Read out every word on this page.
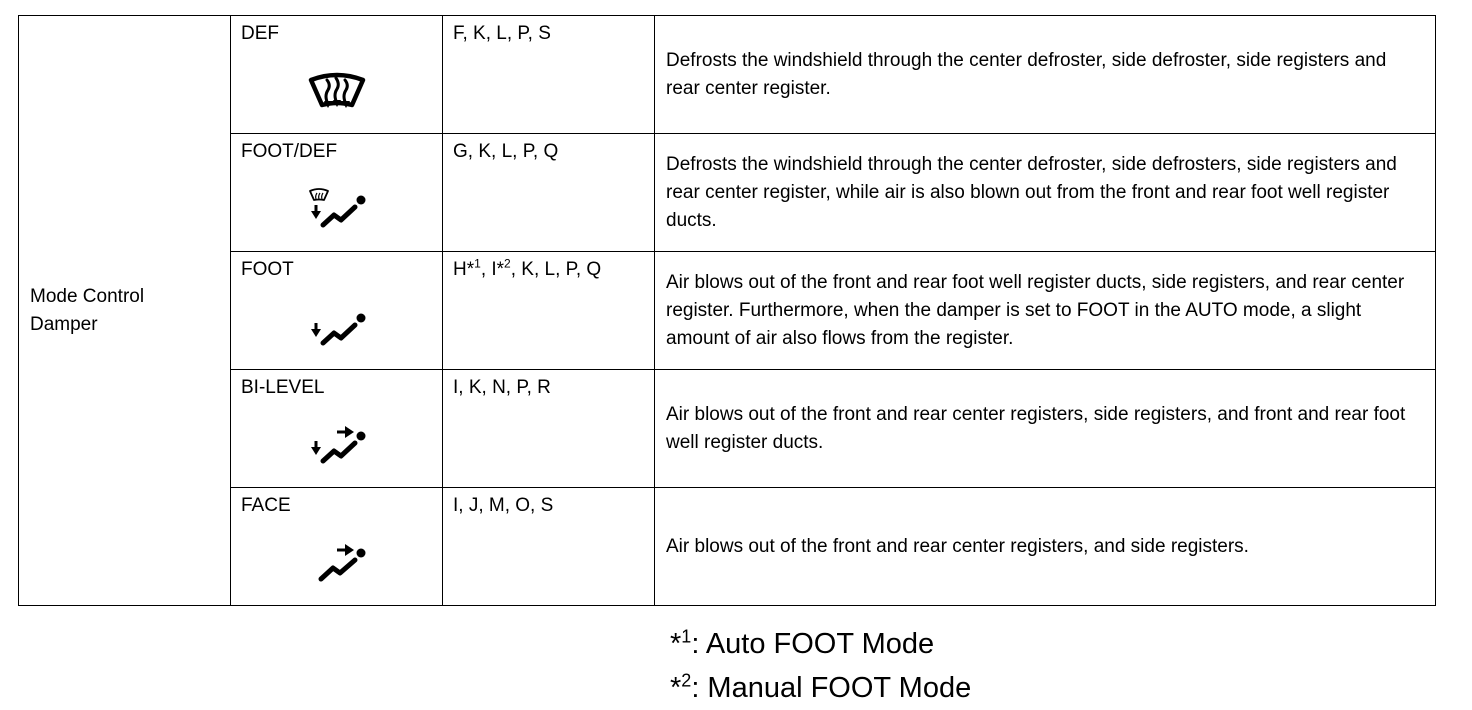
Mode Control
Damper	DEF	F, K, L, P, S	Defrosts the windshield through the center defroster, side defroster, side registers and rear center register.

	FOOT/DEF	G, K, L, P, Q	Defrosts the windshield through the center defroster, side defrosters, side registers and rear center register, while air is also blown out from the front and rear foot well register ducts.

	FOOT	H*$^1$, I*$^2$, K, L, P, Q	Air blows out of the front and rear foot well register ducts, side registers, and rear center register. Furthermore, when the damper is set to FOOT in the AUTO mode, a slight amount of air also flows from the register.

	BI-LEVEL	I, K, N, P, R	Air blows out of the front and rear center registers, side registers, and front and rear foot well register ducts.

	FACE	I, J, M, O, S	Air blows out of the front and rear center registers, and side registers.
*$^1$: Auto FOOT Mode
*$^2$: Manual FOOT Mode
